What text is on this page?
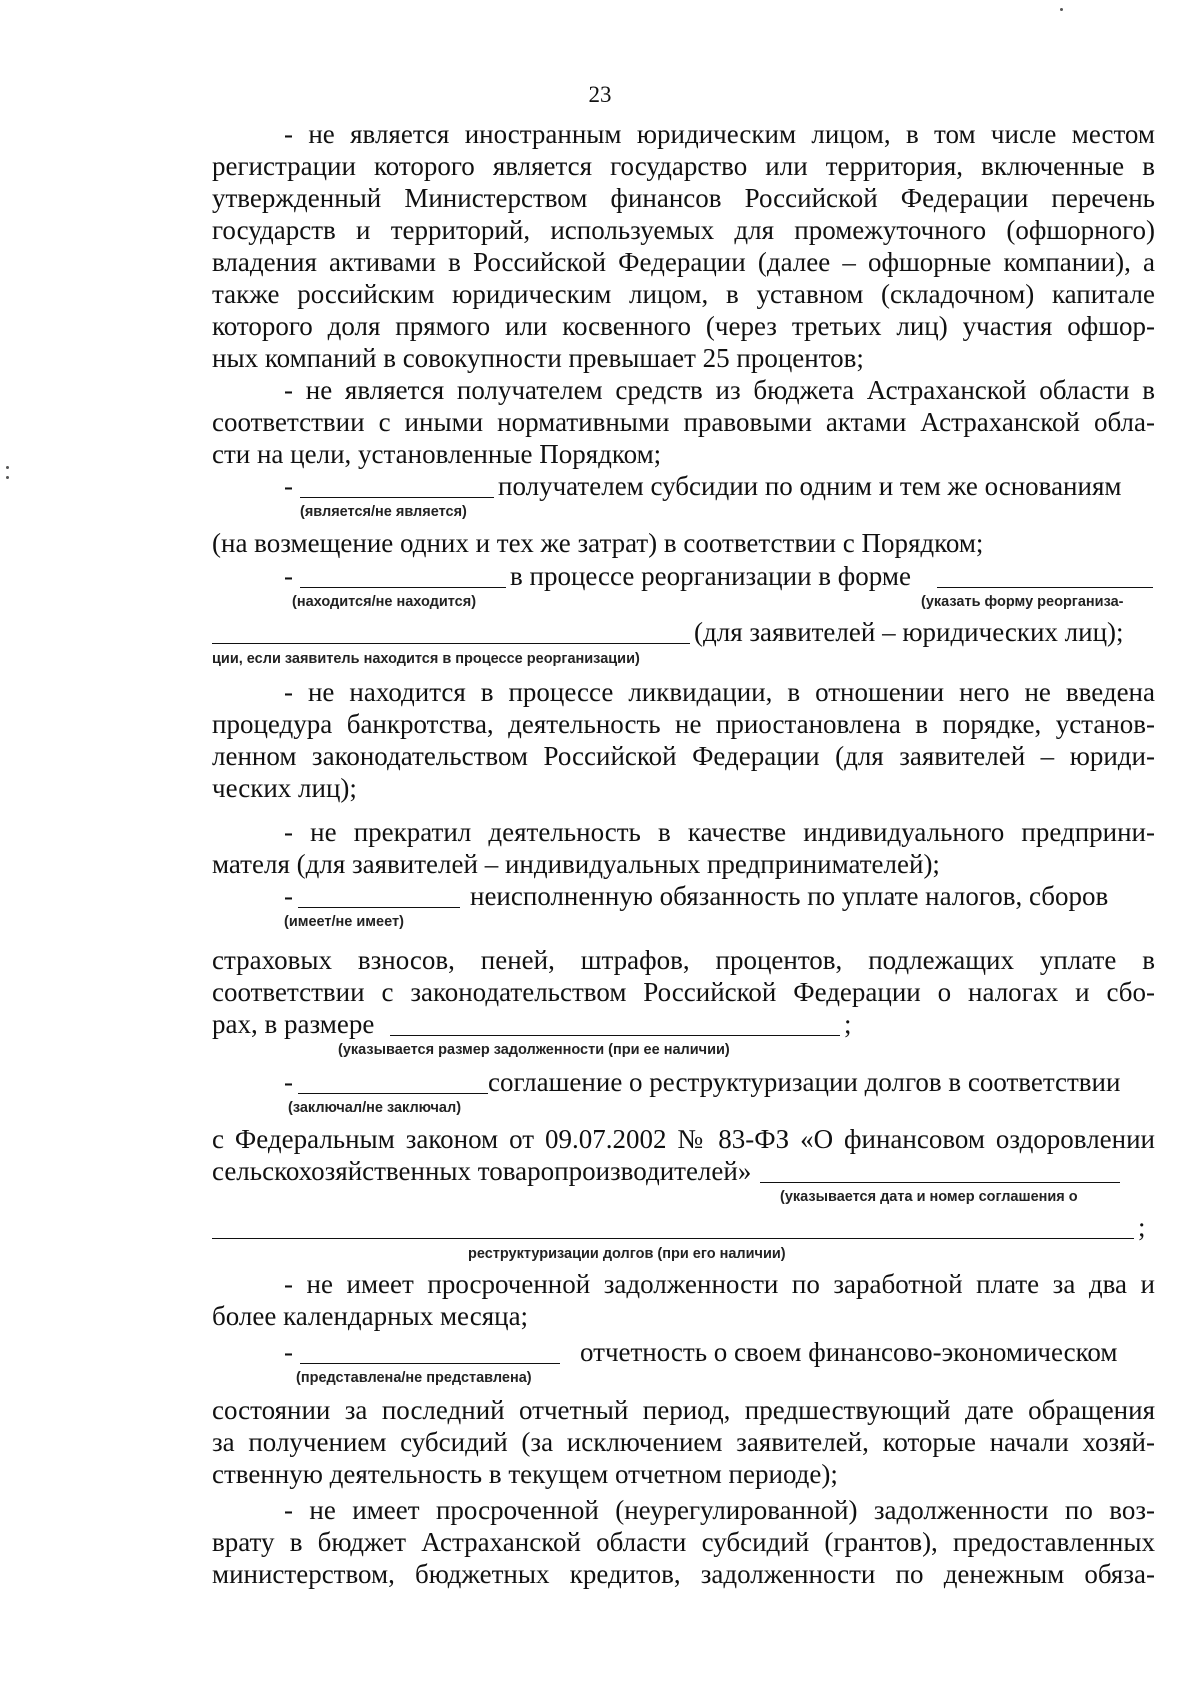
23
- не является иностранным юридическим лицом, в том числе местом
регистрации которого является государство или территория, включенные в
утвержденный Министерством финансов Российской Федерации перечень
государств и территорий, используемых для промежуточного (офшорного)
владения активами в Российской Федерации (далее – офшорные компании), а
также российским юридическим лицом, в уставном (складочном) капитале
которого доля прямого или косвенного (через третьих лиц) участия офшор-
ных компаний в совокупности превышает 25 процентов;
- не является получателем средств из бюджета Астраханской области в
соответствии с иными нормативными правовыми актами Астраханской обла-
сти на цели, установленные Порядком;
-	получателем субсидии по одним и тем же основаниям
(является/не является)
(на возмещение одних и тех же затрат) в соответствии с Порядком;
-	в процессе реорганизации в форме
(находится/не находится)	(указать форму реорганиза-
(для заявителей – юридических лиц);
ции, если заявитель находится в процессе реорганизации)
- не находится в процессе ликвидации, в отношении него не введена
процедура банкротства, деятельность не приостановлена в порядке, установ-
ленном законодательством Российской Федерации (для заявителей – юриди-
ческих лиц);
- не прекратил деятельность в качестве индивидуального предприни-
мателя (для заявителей – индивидуальных предпринимателей);
-	неисполненную обязанность по уплате налогов, сборов
(имеет/не имеет)
страховых взносов, пеней, штрафов, процентов, подлежащих уплате в
соответствии с законодательством Российской Федерации о налогах и сбо-
рах, в размере	;
(указывается размер задолженности (при ее наличии)
-	соглашение о реструктуризации долгов в соответствии
(заключал/не заключал)
с Федеральным законом от 09.07.2002 № 83-ФЗ «О финансовом оздоровлении
сельскохозяйственных товаропроизводителей»
(указывается дата и номер соглашения о
;
реструктуризации долгов (при его наличии)
- не имеет просроченной задолженности по заработной плате за два и
более календарных месяца;
-	отчетность о своем финансово-экономическом
(представлена/не представлена)
состоянии за последний отчетный период, предшествующий дате обращения
за получением субсидий (за исключением заявителей, которые начали хозяй-
ственную деятельность в текущем отчетном периоде);
- не имеет просроченной (неурегулированной) задолженности по воз-
врату в бюджет Астраханской области субсидий (грантов), предоставленных
министерством, бюджетных кредитов, задолженности по денежным обяза-
